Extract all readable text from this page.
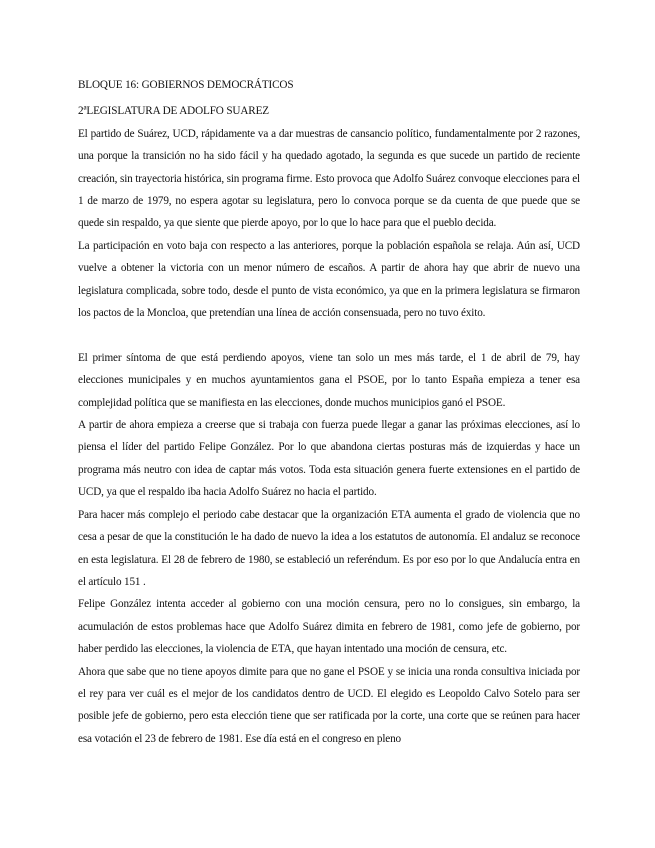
BLOQUE 16: GOBIERNOS DEMOCRÁTICOS
2ªLEGISLATURA DE ADOLFO SUAREZ

El partido de Suárez, UCD, rápidamente va a dar muestras de cansancio político, fundamentalmente por 2 razones, una porque la transición no ha sido fácil y ha quedado agotado, la segunda es que sucede un partido de reciente creación, sin trayectoria histórica, sin programa firme. Esto provoca que Adolfo Suárez convoque elecciones para el 1 de marzo de 1979, no espera agotar su legislatura, pero lo convoca porque se da cuenta de que puede que se quede sin respaldo, ya que siente que pierde apoyo, por lo que lo hace para que el pueblo decida.

La participación en voto baja con respecto a las anteriores, porque la población española se relaja. Aún así, UCD vuelve a obtener la victoria con un menor número de escaños. A partir de ahora hay que abrir de nuevo una legislatura complicada, sobre todo, desde el punto de vista económico, ya que en la primera legislatura se firmaron los pactos de la Moncloa, que pretendían una línea de acción consensuada, pero no tuvo éxito.

El primer síntoma de que está perdiendo apoyos, viene tan solo un mes más tarde, el 1 de abril de 79, hay elecciones municipales y en muchos ayuntamientos gana el PSOE, por lo tanto España empieza a tener esa complejidad política que se manifiesta en las elecciones, donde muchos municipios ganó el PSOE.

A partir de ahora empieza a creerse que si trabaja con fuerza puede llegar a ganar las próximas elecciones, así lo piensa el líder del partido Felipe González. Por lo que abandona ciertas posturas más de izquierdas y hace un programa más neutro con idea de captar más votos. Toda esta situación genera fuerte extensiones en el partido de UCD, ya que el respaldo iba hacia Adolfo Suárez no hacia el partido.

Para hacer más complejo el periodo cabe destacar que la organización ETA aumenta el grado de violencia que no cesa a pesar de que la constitución le ha dado de nuevo la idea a los estatutos de autonomía. El andaluz se reconoce en esta legislatura. El 28 de febrero de 1980, se estableció un referéndum. Es por eso por lo que Andalucía entra en el artículo 151 .

Felipe González intenta acceder al gobierno con una moción censura, pero no lo consigues, sin embargo, la acumulación de estos problemas hace que Adolfo Suárez dimita en febrero de 1981, como jefe de gobierno, por haber perdido las elecciones, la violencia de ETA, que hayan intentado una moción de censura, etc.

Ahora que sabe que no tiene apoyos dimite para que no gane el PSOE y se inicia una ronda consultiva iniciada por el rey para ver cuál es el mejor de los candidatos dentro de UCD. El elegido es Leopoldo Calvo Sotelo para ser posible jefe de gobierno, pero esta elección tiene que ser ratificada por la corte, una corte que se reúnen para hacer esa votación el 23 de febrero de 1981. Ese día está en el congreso en pleno
